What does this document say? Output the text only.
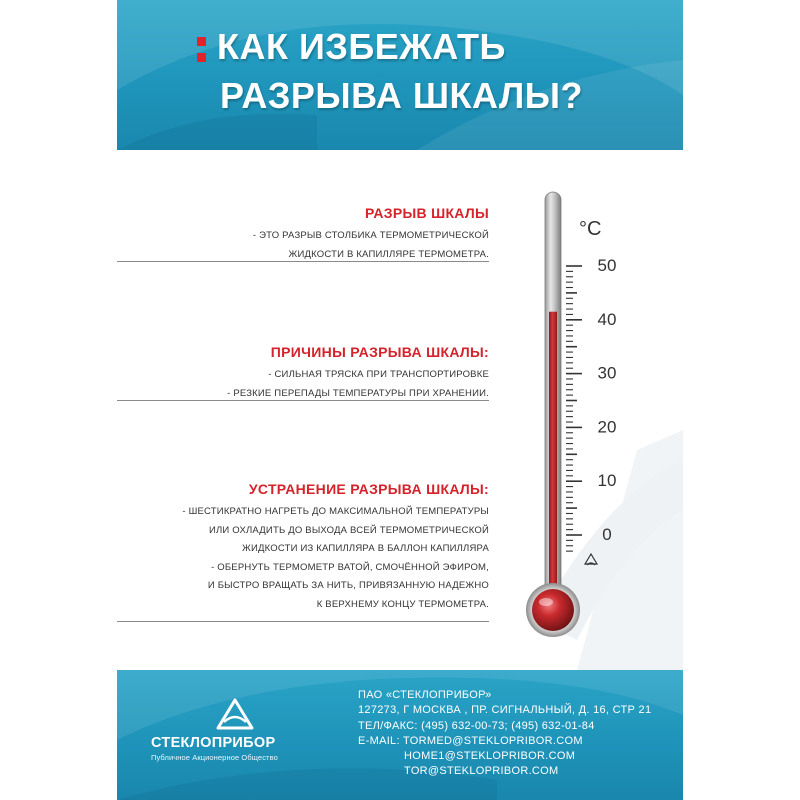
КАК ИЗБЕЖАТЬ
РАЗРЫВА ШКАЛЫ?
РАЗРЫВ ШКАЛЫ
- ЭТО РАЗРЫВ СТОЛБИКА ТЕРМОМЕТРИЧЕСКОЙ
ЖИДКОСТИ В КАПИЛЛЯРЕ ТЕРМОМЕТРА.
ПРИЧИНЫ РАЗРЫВА ШКАЛЫ:
- СИЛЬНАЯ ТРЯСКА ПРИ ТРАНСПОРТИРОВКЕ
- РЕЗКИЕ ПЕРЕПАДЫ ТЕМПЕРАТУРЫ ПРИ ХРАНЕНИИ.
УСТРАНЕНИЕ РАЗРЫВА ШКАЛЫ:
- ШЕСТИКРАТНО НАГРЕТЬ ДО МАКСИМАЛЬНОЙ ТЕМПЕРАТУРЫ
ИЛИ ОХЛАДИТЬ ДО ВЫХОДА ВСЕЙ ТЕРМОМЕТРИЧЕСКОЙ
ЖИДКОСТИ ИЗ КАПИЛЛЯРА В БАЛЛОН КАПИЛЛЯРА
- ОБЕРНУТЬ ТЕРМОМЕТР ВАТОЙ, СМОЧЁННОЙ ЭФИРОМ,
И БЫСТРО ВРАЩАТЬ ЗА НИТЬ, ПРИВЯЗАННУЮ НАДЕЖНО
К ВЕРХНЕМУ КОНЦУ ТЕРМОМЕТРА.
°C
50
40
30
20
10
0
СТЕКЛОПРИБОР
Публичное Акционерное Общество
ПАО «СТЕКЛОПРИБОР»
127273, Г МОСКВА , ПР. СИГНАЛЬНЫЙ, Д. 16, СТР 21
ТЕЛ/ФАКС: (495) 632-00-73; (495) 632-01-84
E-MAIL: TORMED@STEKLOPRIBOR.COM
HOME1@STEKLOPRIBOR.COM
TOR@STEKLOPRIBOR.COM
